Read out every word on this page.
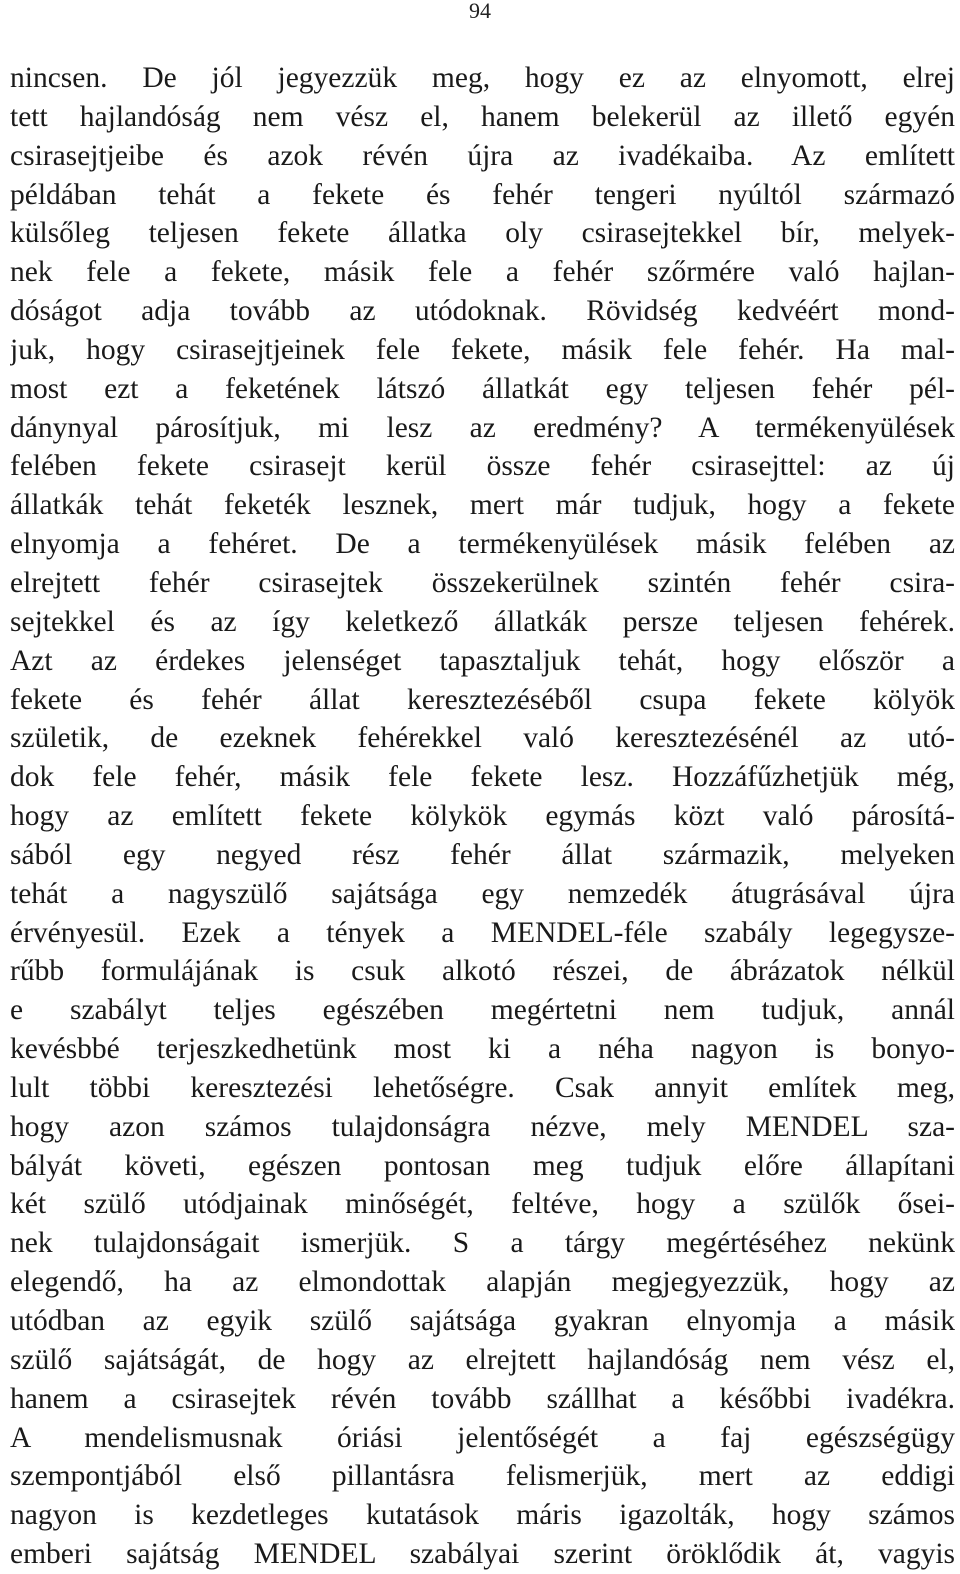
94
nincsen. De jól jegyezzük meg, hogy ez az elnyomott, elrej
tett hajlandóság nem vész el, hanem belekerül az illető egyén
csirasejtjeibe és azok révén újra az ivadékaiba. Az említett
példában tehát a fekete és fehér tengeri nyúltól származó
külsőleg teljesen fekete állatka oly csirasejtekkel bír, melyek-
nek fele a fekete, másik fele a fehér szőrmére való hajlan-
dóságot adja tovább az utódoknak. Rövidség kedvéért mond-
juk, hogy csirasejtjeinek fele fekete, másik fele fehér. Ha mal-
most ezt a feketének látszó állatkát egy teljesen fehér pél-
dánynyal párosítjuk, mi lesz az eredmény? A termékenyülések
felében fekete csirasejt kerül össze fehér csirasejttel: az új
állatkák tehát feketék lesznek, mert már tudjuk, hogy a fekete
elnyomja a fehéret. De a termékenyülések másik felében az
elrejtett fehér csirasejtek összekerülnek szintén fehér csira-
sejtekkel és az így keletkező állatkák persze teljesen fehérek.
Azt az érdekes jelenséget tapasztaljuk tehát, hogy először a
fekete és fehér állat keresztezéséből csupa fekete kölyök
születik, de ezeknek fehérekkel való keresztezésénél az utó-
dok fele fehér, másik fele fekete lesz. Hozzáfűzhetjük még,
hogy az említett fekete kölykök egymás közt való párosítá-
sából egy negyed rész fehér állat származik, melyeken
tehát a nagyszülő sajátsága egy nemzedék átugrásával újra
érvényesül. Ezek a tények a MENDEL-féle szabály legegysze-
rűbb formulájának is csuk alkotó részei, de ábrázatok nélkül
e szabályt teljes egészében megértetni nem tudjuk, annál
kevésbbé terjeszkedhetünk most ki a néha nagyon is bonyo-
lult többi keresztezési lehetőségre. Csak annyit említek meg,
hogy azon számos tulajdonságra nézve, mely MENDEL sza-
bályát követi, egészen pontosan meg tudjuk előre állapítani
két szülő utódjainak minőségét, feltéve, hogy a szülők ősei-
nek tulajdonságait ismerjük. S a tárgy megértéséhez nekünk
elegendő, ha az elmondottak alapján megjegyezzük, hogy az
utódban az egyik szülő sajátsága gyakran elnyomja a másik
szülő sajátságát, de hogy az elrejtett hajlandóság nem vész el,
hanem a csirasejtek révén tovább szállhat a későbbi ivadékra.
A mendelismusnak óriási jelentőségét a faj egészségügy
szempontjából első pillantásra felismerjük, mert az eddigi
nagyon is kezdetleges kutatások máris igazolták, hogy számos
emberi sajátság MENDEL szabályai szerint öröklődik át, vagyis
